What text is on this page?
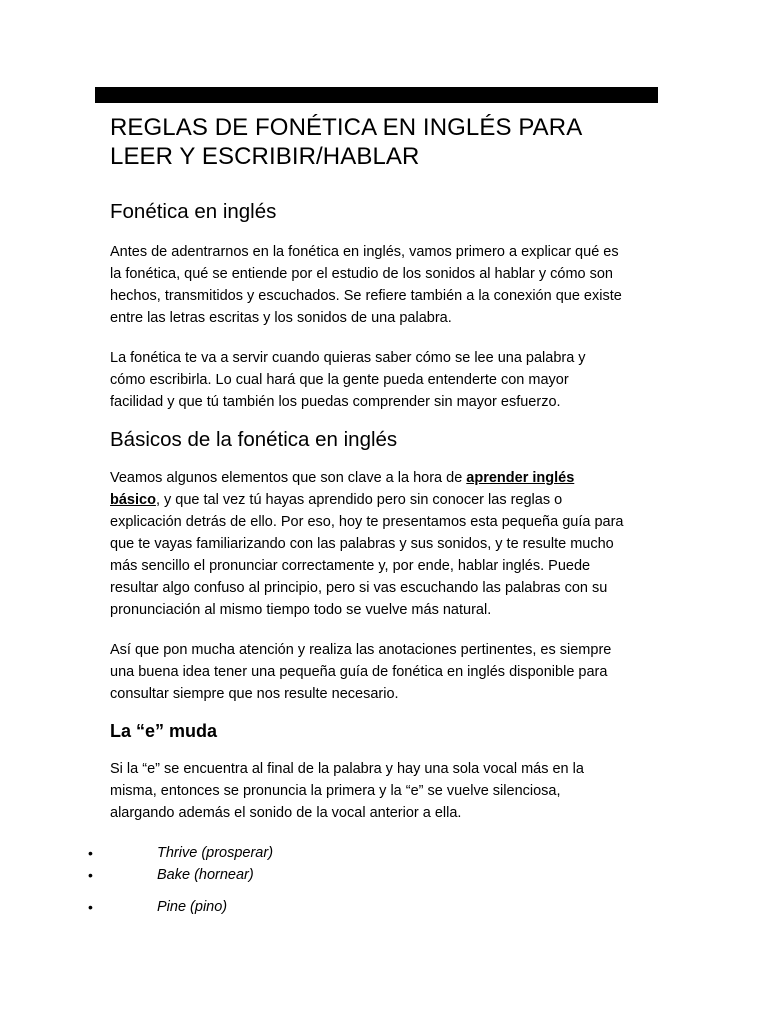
REGLAS DE FONÉTICA EN INGLÉS PARA
LEER Y ESCRIBIR/HABLAR
Fonética en inglés

Antes de adentrarnos en la fonética en inglés, vamos primero a explicar qué es

la fonética, qué se entiende por el estudio de los sonidos al hablar y cómo son

hechos, transmitidos y escuchados. Se refiere también a la conexión que existe

entre las letras escritas y los sonidos de una palabra.

La fonética te va a servir cuando quieras saber cómo se lee una palabra y

cómo escribirla. Lo cual hará que la gente pueda entenderte con mayor

facilidad y que tú también los puedas comprender sin mayor esfuerzo.

Básicos de la fonética en inglés

Veamos algunos elementos que son clave a la hora de aprender inglés

básico, y que tal vez tú hayas aprendido pero sin conocer las reglas o

explicación detrás de ello. Por eso, hoy te presentamos esta pequeña guía para

que te vayas familiarizando con las palabras y sus sonidos, y te resulte mucho

más sencillo el pronunciar correctamente y, por ende, hablar inglés. Puede

resultar algo confuso al principio, pero si vas escuchando las palabras con su

pronunciación al mismo tiempo todo se vuelve más natural.

Así que pon mucha atención y realiza las anotaciones pertinentes, es siempre

una buena idea tener una pequeña guía de fonética en inglés disponible para

consultar siempre que nos resulte necesario.

La “e” muda

Si la “e” se encuentra al final de la palabra y hay una sola vocal más en la

misma, entonces se pronuncia la primera y la “e” se vuelve silenciosa,

alargando además el sonido de la vocal anterior a ella.

•	Thrive (prosperar)
•	Bake (hornear)
•	Pine (pino)
